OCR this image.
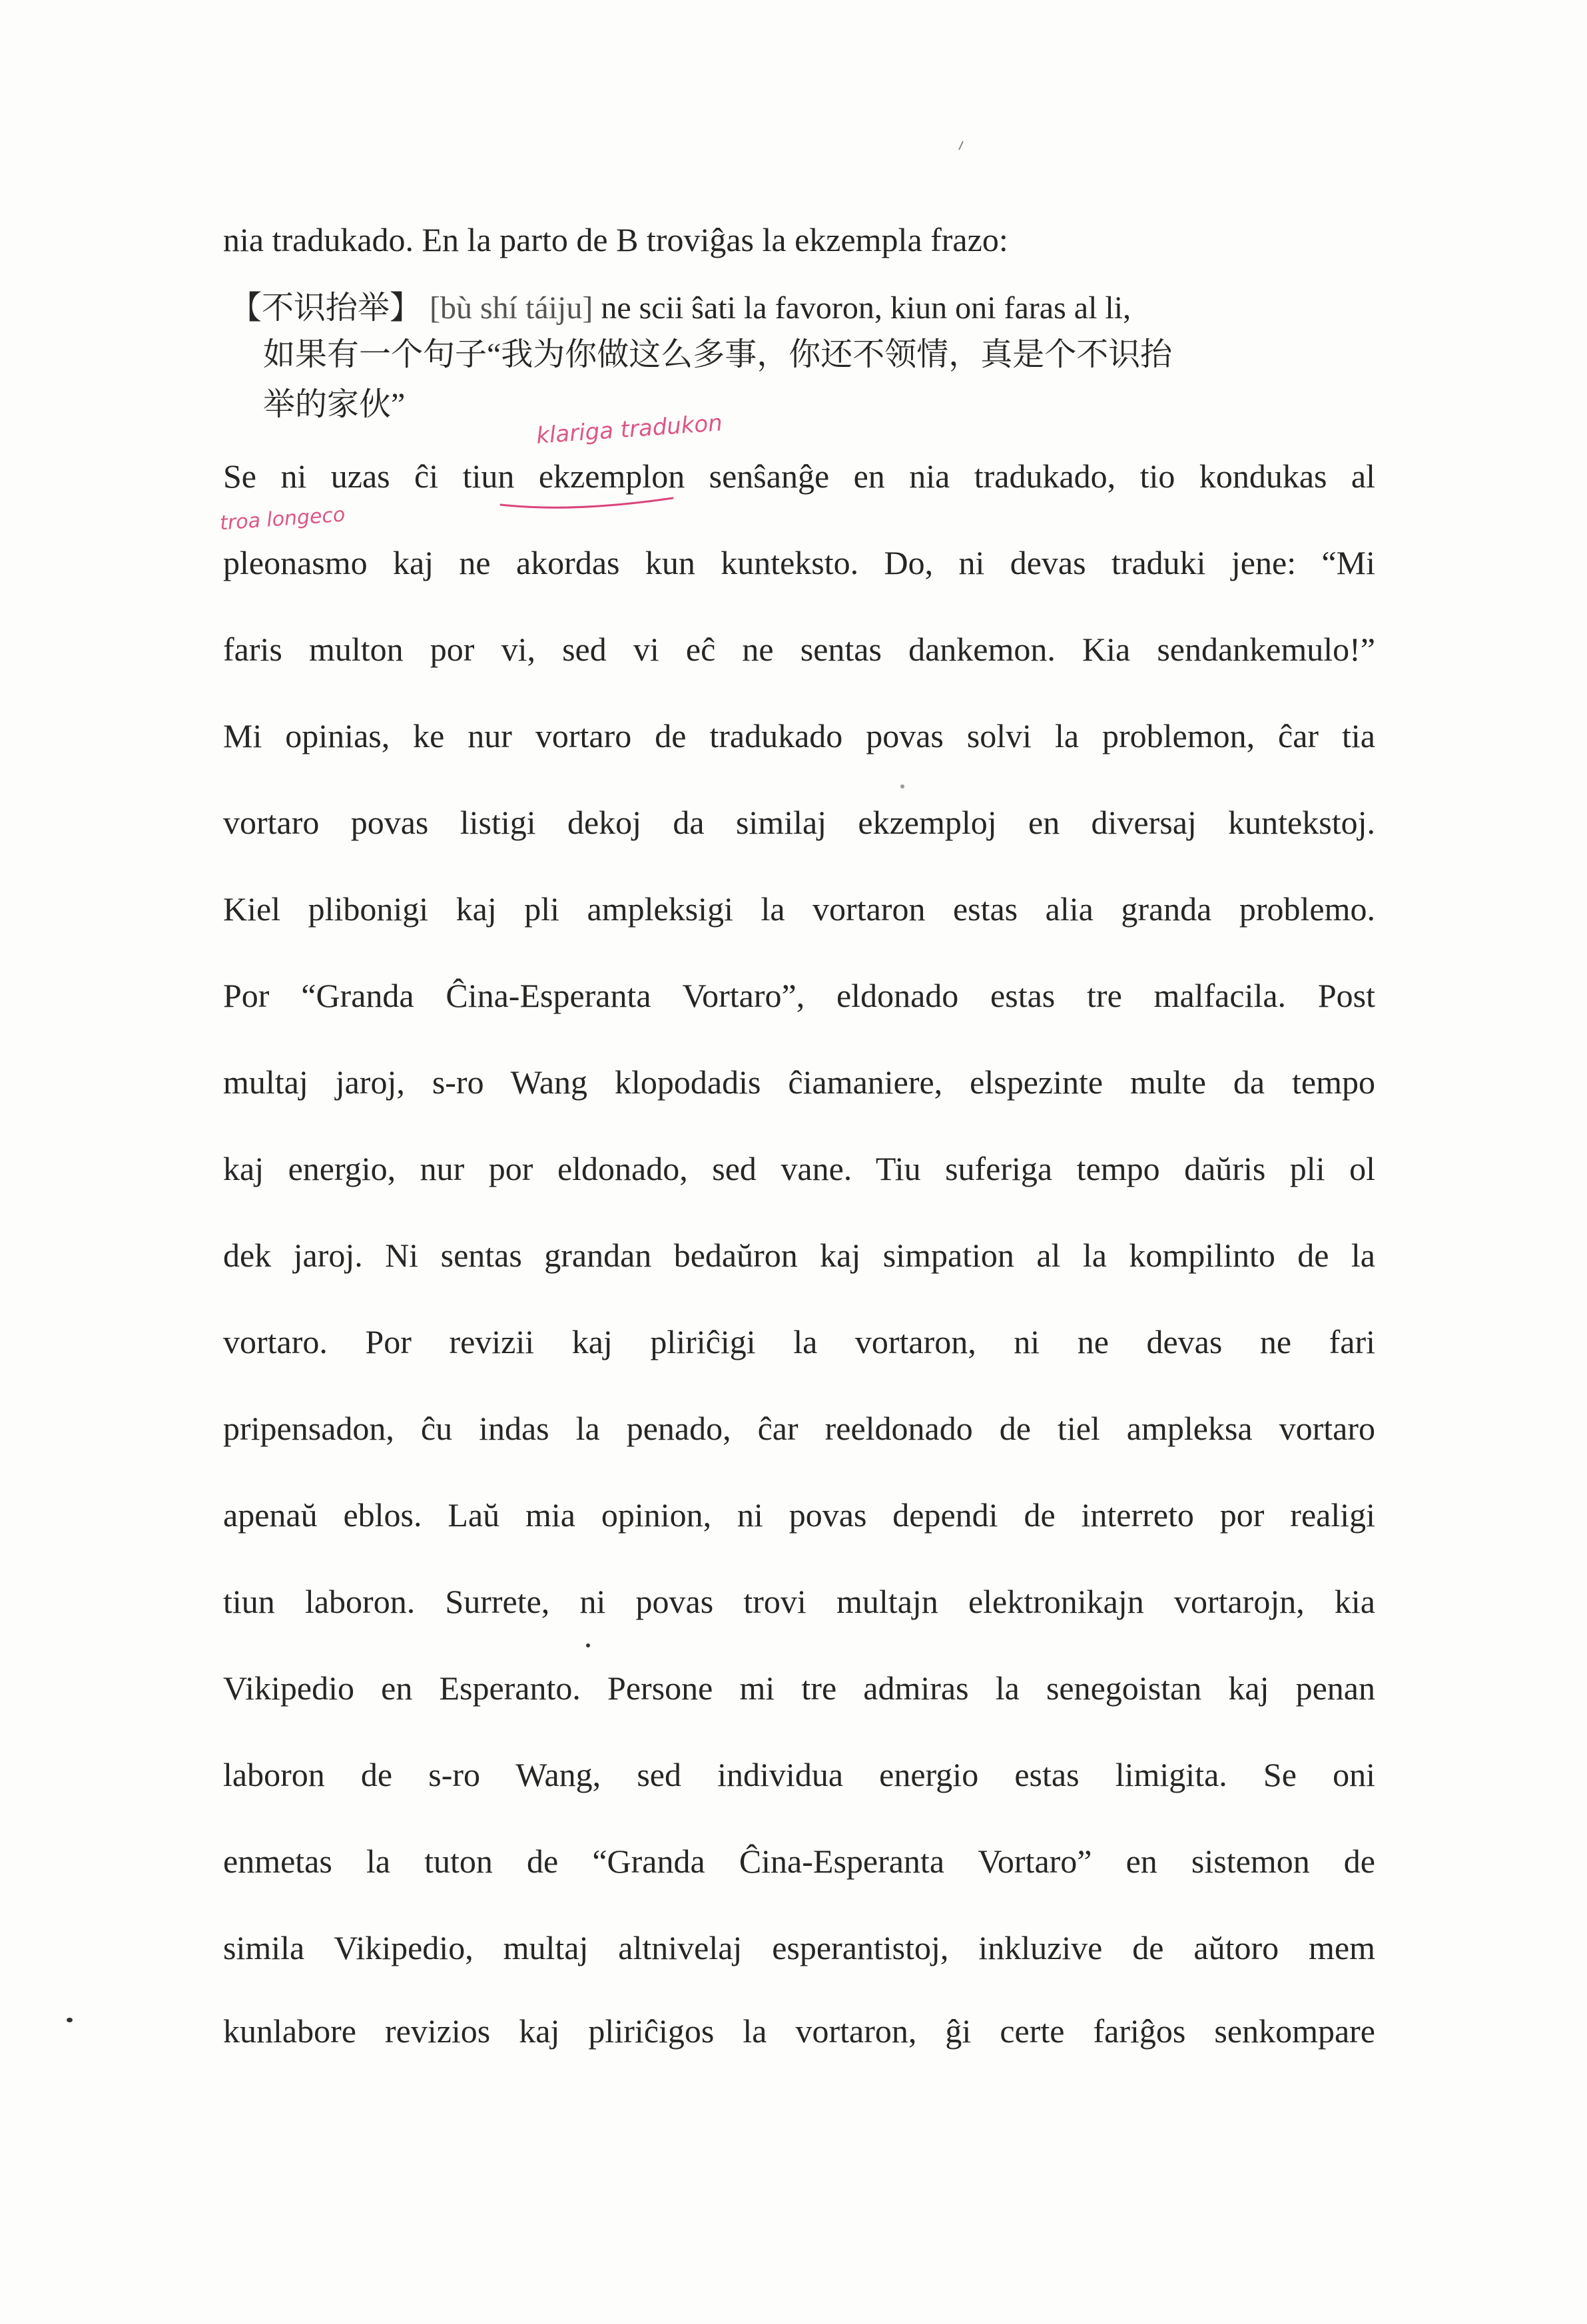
nia tradukado. En la parto de B troviĝas la ekzempla frazo:
【不识抬举】 [bù shí táiju] ne scii ŝati la favoron, kiun oni faras al li,
如果有一个句子“我为你做这么多事，你还不领情，真是个不识抬
举的家伙”
klariga tradukon
troa longeco
Se ni uzas ĉi tiun ekzemplon senŝanĝe en nia tradukado, tio kondukas al
pleonasmo kaj ne akordas kun kunteksto. Do, ni devas traduki jene: “Mi
faris multon por vi, sed vi eĉ ne sentas dankemon. Kia sendankemulo!”
Mi opinias, ke nur vortaro de tradukado povas solvi la problemon, ĉar tia
vortaro povas listigi dekoj da similaj ekzemploj en diversaj kuntekstoj.
Kiel plibonigi kaj pli ampleksigi la vortaron estas alia granda problemo.
Por “Granda Ĉina-Esperanta Vortaro”, eldonado estas tre malfacila. Post
multaj jaroj, s-ro Wang klopodadis ĉiamaniere, elspezinte multe da tempo
kaj energio, nur por eldonado, sed vane. Tiu suferiga tempo daŭris pli ol
dek jaroj. Ni sentas grandan bedaŭron kaj simpation al la kompilinto de la
vortaro. Por revizii kaj pliriĉigi la vortaron, ni ne devas ne fari
pripensadon, ĉu indas la penado, ĉar reeldonado de tiel ampleksa vortaro
apenaŭ eblos. Laŭ mia opinion, ni povas dependi de interreto por realigi
tiun laboron. Surrete, ni povas trovi multajn elektronikajn vortarojn, kia
Vikipedio en Esperanto. Persone mi tre admiras la senegoistan kaj penan
laboron de s-ro Wang, sed individua energio estas limigita. Se oni
enmetas la tuton de “Granda Ĉina-Esperanta Vortaro” en sistemon de
simila Vikipedio, multaj altnivelaj esperantistoj, inkluzive de aŭtoro mem
kunlabore revizios kaj pliriĉigos la vortaron, ĝi certe fariĝos senkompare
